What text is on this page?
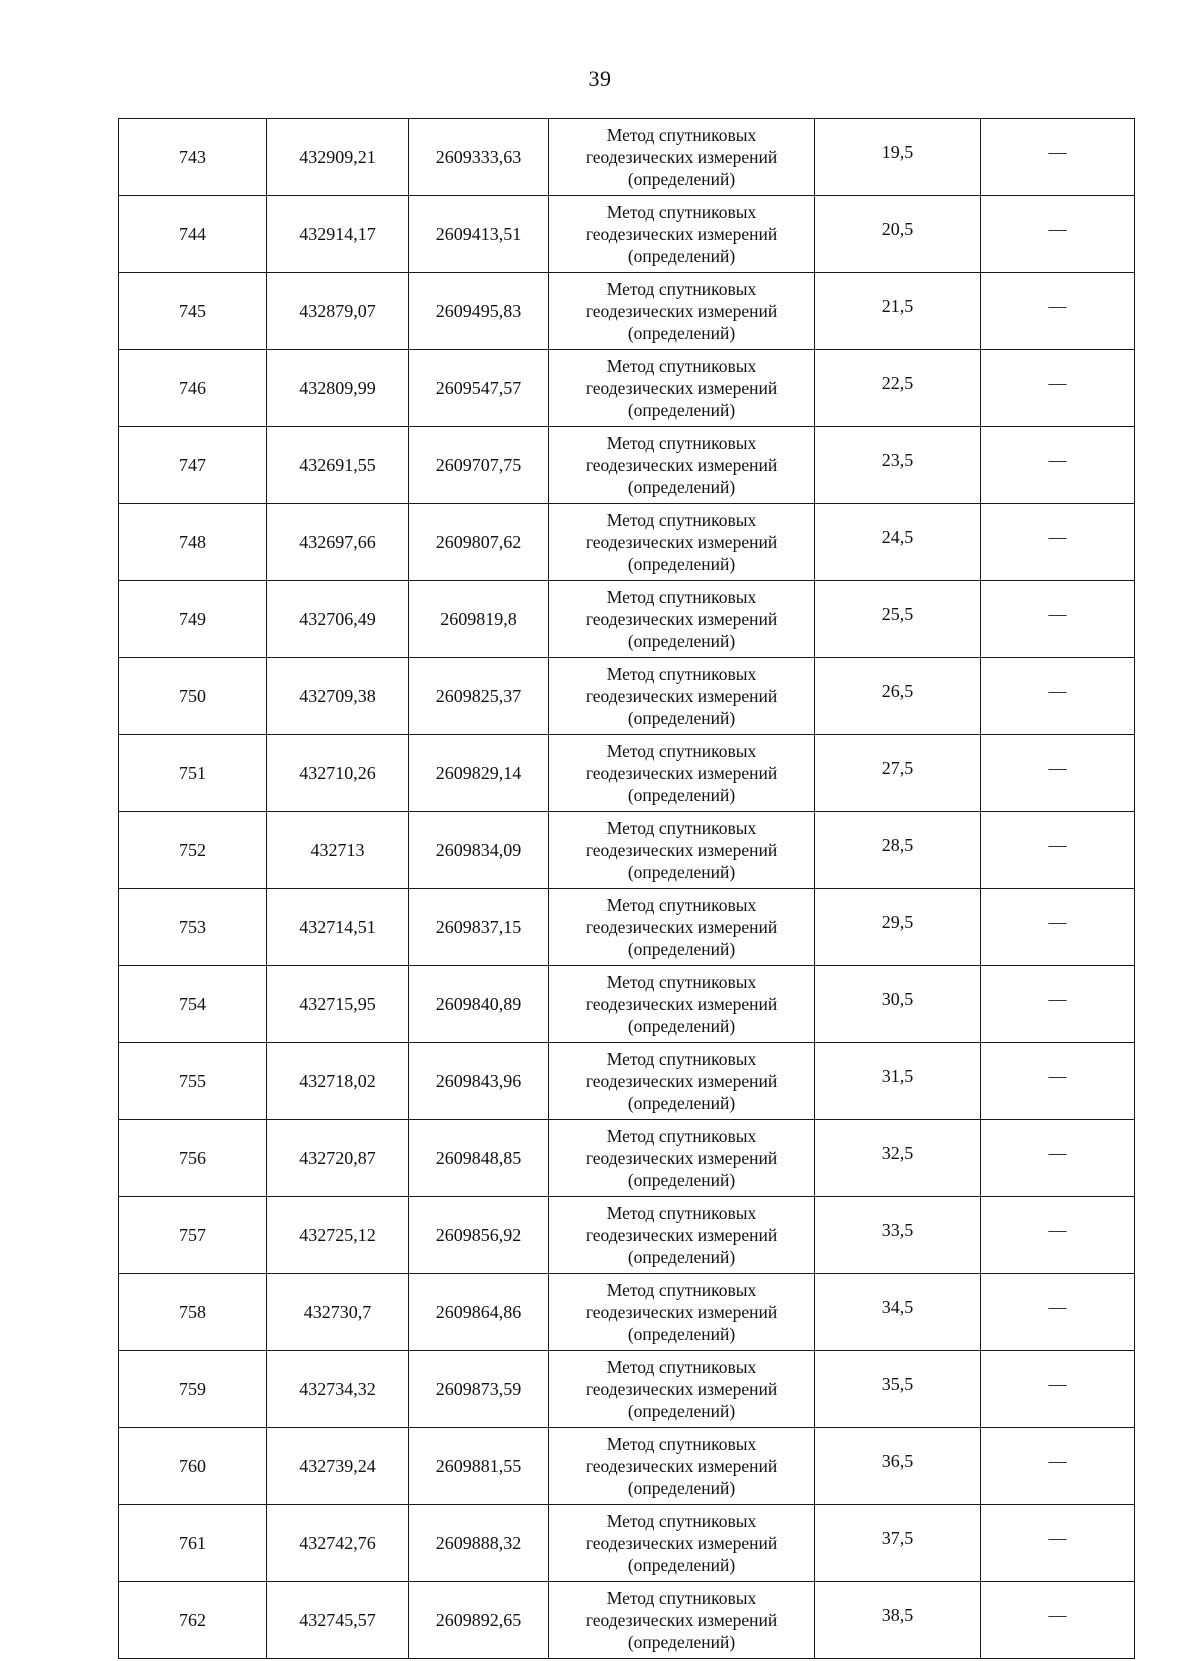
39
743	432909,21	2609333,63	Метод спутниковых
геодезических измерений
(определений)	19,5	—
744	432914,17	2609413,51	Метод спутниковых
геодезических измерений
(определений)	20,5	—
745	432879,07	2609495,83	Метод спутниковых
геодезических измерений
(определений)	21,5	—
746	432809,99	2609547,57	Метод спутниковых
геодезических измерений
(определений)	22,5	—
747	432691,55	2609707,75	Метод спутниковых
геодезических измерений
(определений)	23,5	—
748	432697,66	2609807,62	Метод спутниковых
геодезических измерений
(определений)	24,5	—
749	432706,49	2609819,8	Метод спутниковых
геодезических измерений
(определений)	25,5	—
750	432709,38	2609825,37	Метод спутниковых
геодезических измерений
(определений)	26,5	—
751	432710,26	2609829,14	Метод спутниковых
геодезических измерений
(определений)	27,5	—
752	432713	2609834,09	Метод спутниковых
геодезических измерений
(определений)	28,5	—
753	432714,51	2609837,15	Метод спутниковых
геодезических измерений
(определений)	29,5	—
754	432715,95	2609840,89	Метод спутниковых
геодезических измерений
(определений)	30,5	—
755	432718,02	2609843,96	Метод спутниковых
геодезических измерений
(определений)	31,5	—
756	432720,87	2609848,85	Метод спутниковых
геодезических измерений
(определений)	32,5	—
757	432725,12	2609856,92	Метод спутниковых
геодезических измерений
(определений)	33,5	—
758	432730,7	2609864,86	Метод спутниковых
геодезических измерений
(определений)	34,5	—
759	432734,32	2609873,59	Метод спутниковых
геодезических измерений
(определений)	35,5	—
760	432739,24	2609881,55	Метод спутниковых
геодезических измерений
(определений)	36,5	—
761	432742,76	2609888,32	Метод спутниковых
геодезических измерений
(определений)	37,5	—
762	432745,57	2609892,65	Метод спутниковых
геодезических измерений
(определений)	38,5	—
